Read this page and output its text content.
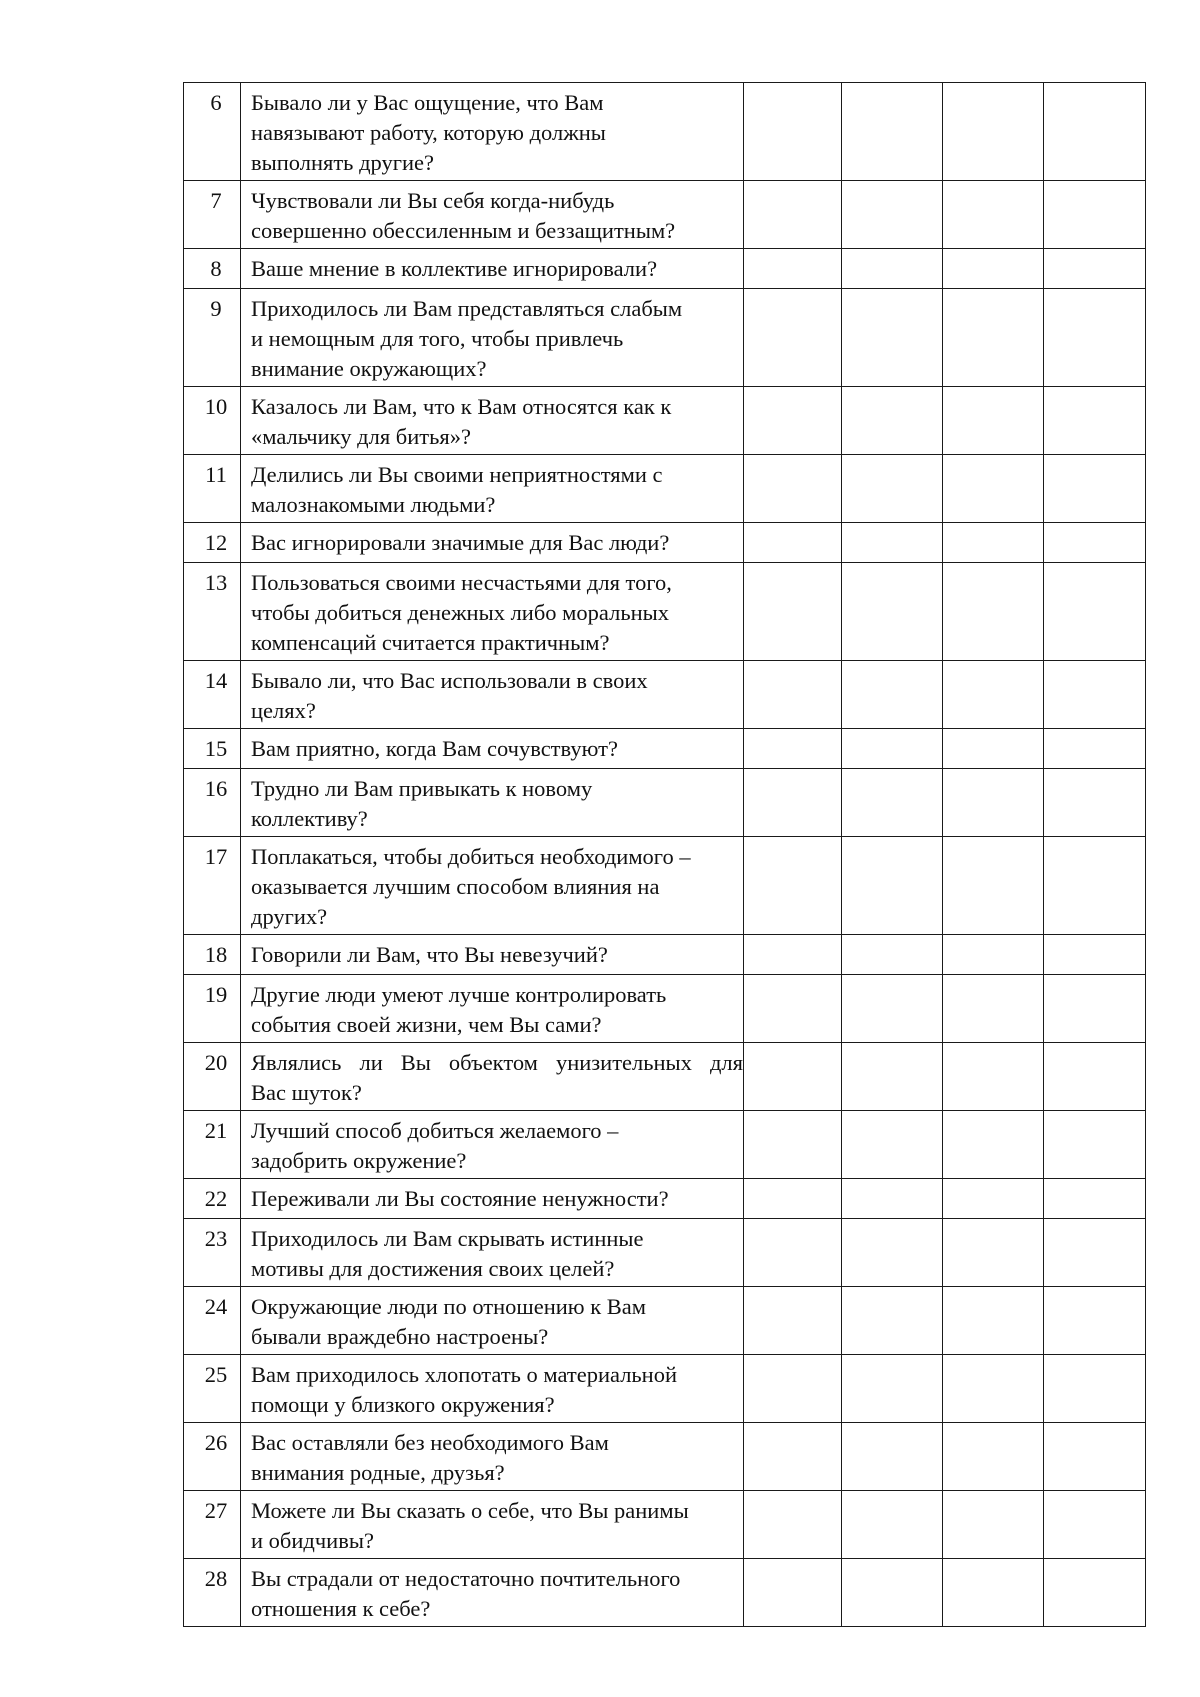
6	Бывало ли у Вас ощущение, что Вам
навязывают работу, которую должны
выполнять другие?				
7	Чувствовали ли Вы себя когда-нибудь
совершенно обессиленным и беззащитным?				
8	Ваше мнение в коллективе игнорировали?				
9	Приходилось ли Вам представляться слабым
и немощным для того, чтобы привлечь
внимание окружающих?				
10	Казалось ли Вам, что к Вам относятся как к
«мальчику для битья»?				
11	Делились ли Вы своими неприятностями с
малознакомыми людьми?				
12	Вас игнорировали значимые для Вас люди?				
13	Пользоваться своими несчастьями для того,
чтобы добиться денежных либо моральных
компенсаций считается практичным?				
14	Бывало ли, что Вас использовали в своих
целях?				
15	Вам приятно, когда Вам сочувствуют?				
16	Трудно ли Вам привыкать к новому
коллективу?				
17	Поплакаться, чтобы добиться необходимого –
оказывается лучшим способом влияния на
других?				
18	Говорили ли Вам, что Вы невезучий?				
19	Другие люди умеют лучше контролировать
события своей жизни, чем Вы сами?				
20	Являлись ли Вы объектом унизительных для
Вас шуток?				

21	Лучший способ добиться желаемого –
задобрить окружение?				
22	Переживали ли Вы состояние ненужности?				
23	Приходилось ли Вам скрывать истинные
мотивы для достижения своих целей?				
24	Окружающие люди по отношению к Вам
бывали враждебно настроены?				
25	Вам приходилось хлопотать о материальной
помощи у близкого окружения?				
26	Вас оставляли без необходимого Вам
внимания родные, друзья?				
27	Можете ли Вы сказать о себе, что Вы ранимы
и обидчивы?				
28	Вы страдали от недостаточно почтительного
отношения к себе?				
